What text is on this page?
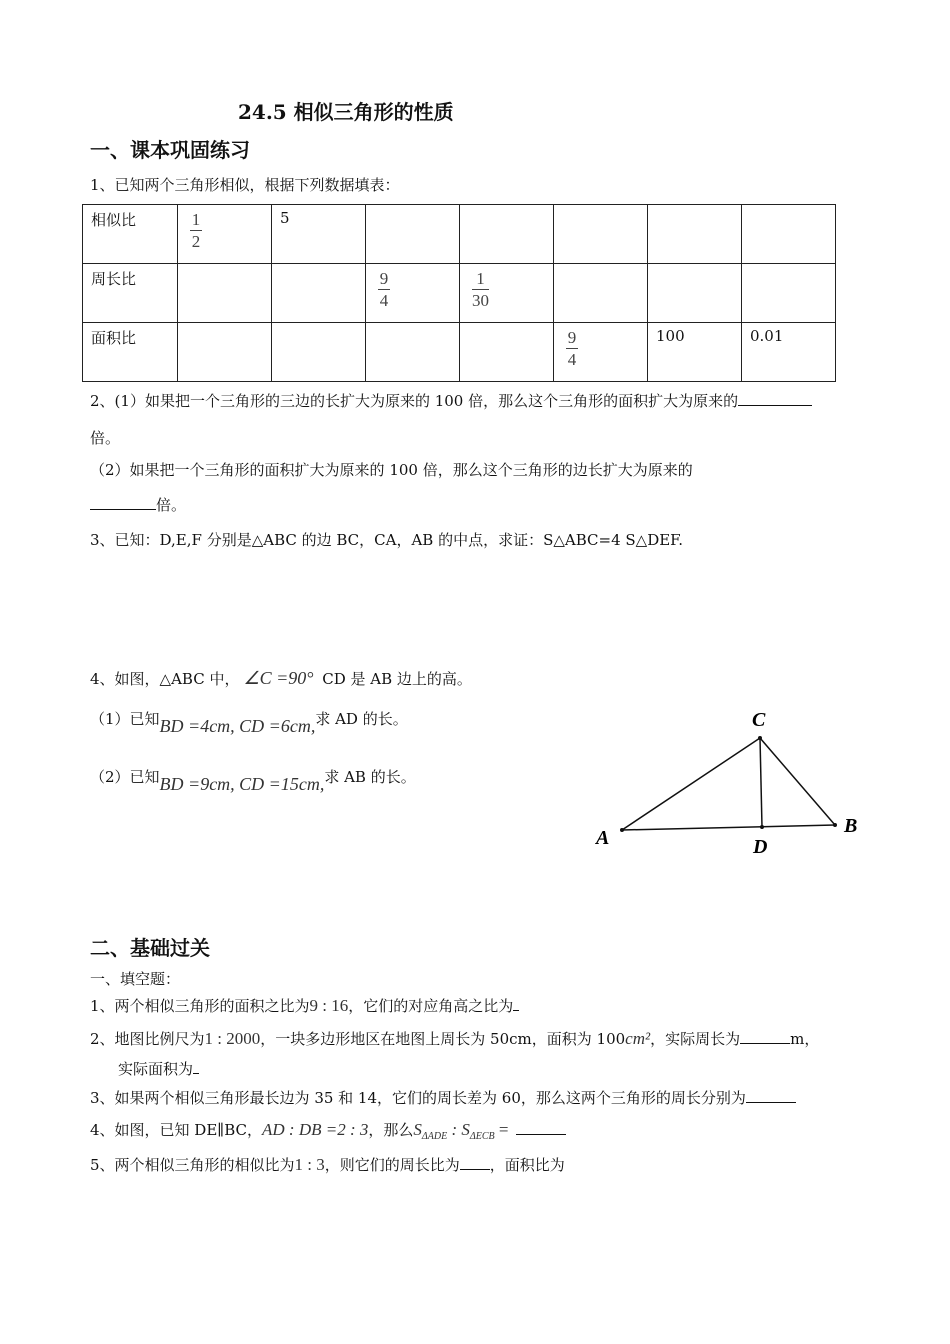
24.5 相似三角形的性质
一、课本巩固练习
1、已知两个三角形相似，根据下列数据填表：
相似比	$\frac{1}{2}$	5					
周长比			$\frac{9}{4}$	$\frac{1}{30}$

面积比					$\frac{9}{4}$	100	0.01
2、(1）如果把一个三角形的三边的长扩大为原来的 100 倍，那么这个三角形的面积扩大为原来的
倍。
（2）如果把一个三角形的面积扩大为原来的 100 倍，那么这个三角形的边长扩大为原来的
倍。
3、已知：D,E,F 分别是△ABC 的边 BC，CA，AB 的中点，求证：S△ABC=4 S△DEF.
4、如图，△ABC 中， ∠C =90° CD 是 AB 边上的高。
（1）已知BD =4cm, CD =6cm,求 AD 的长。
（2）已知BD =9cm, CD =15cm,求 AB 的长。
C
A
B
D
二、基础过关
一、填空题：
1、两个相似三角形的面积之比为9 : 16，它们的对应角高之比为
2、地图比例尺为1 : 2000，一块多边形地区在地图上周长为 50cm，面积为 100cm²，实际周长为	m，
实际面积为
3、如果两个相似三角形最长边为 35 和 14，它们的周长差为 60，那么这两个三角形的周长分别为
4、如图，已知 DE∥BC，AD : DB =2 : 3，那么$S_{\Delta ADE}$ : $S_{\Delta ECB}$ =
5、两个相似三角形的相似比为1 : 3，则它们的周长比为 ，面积比为
